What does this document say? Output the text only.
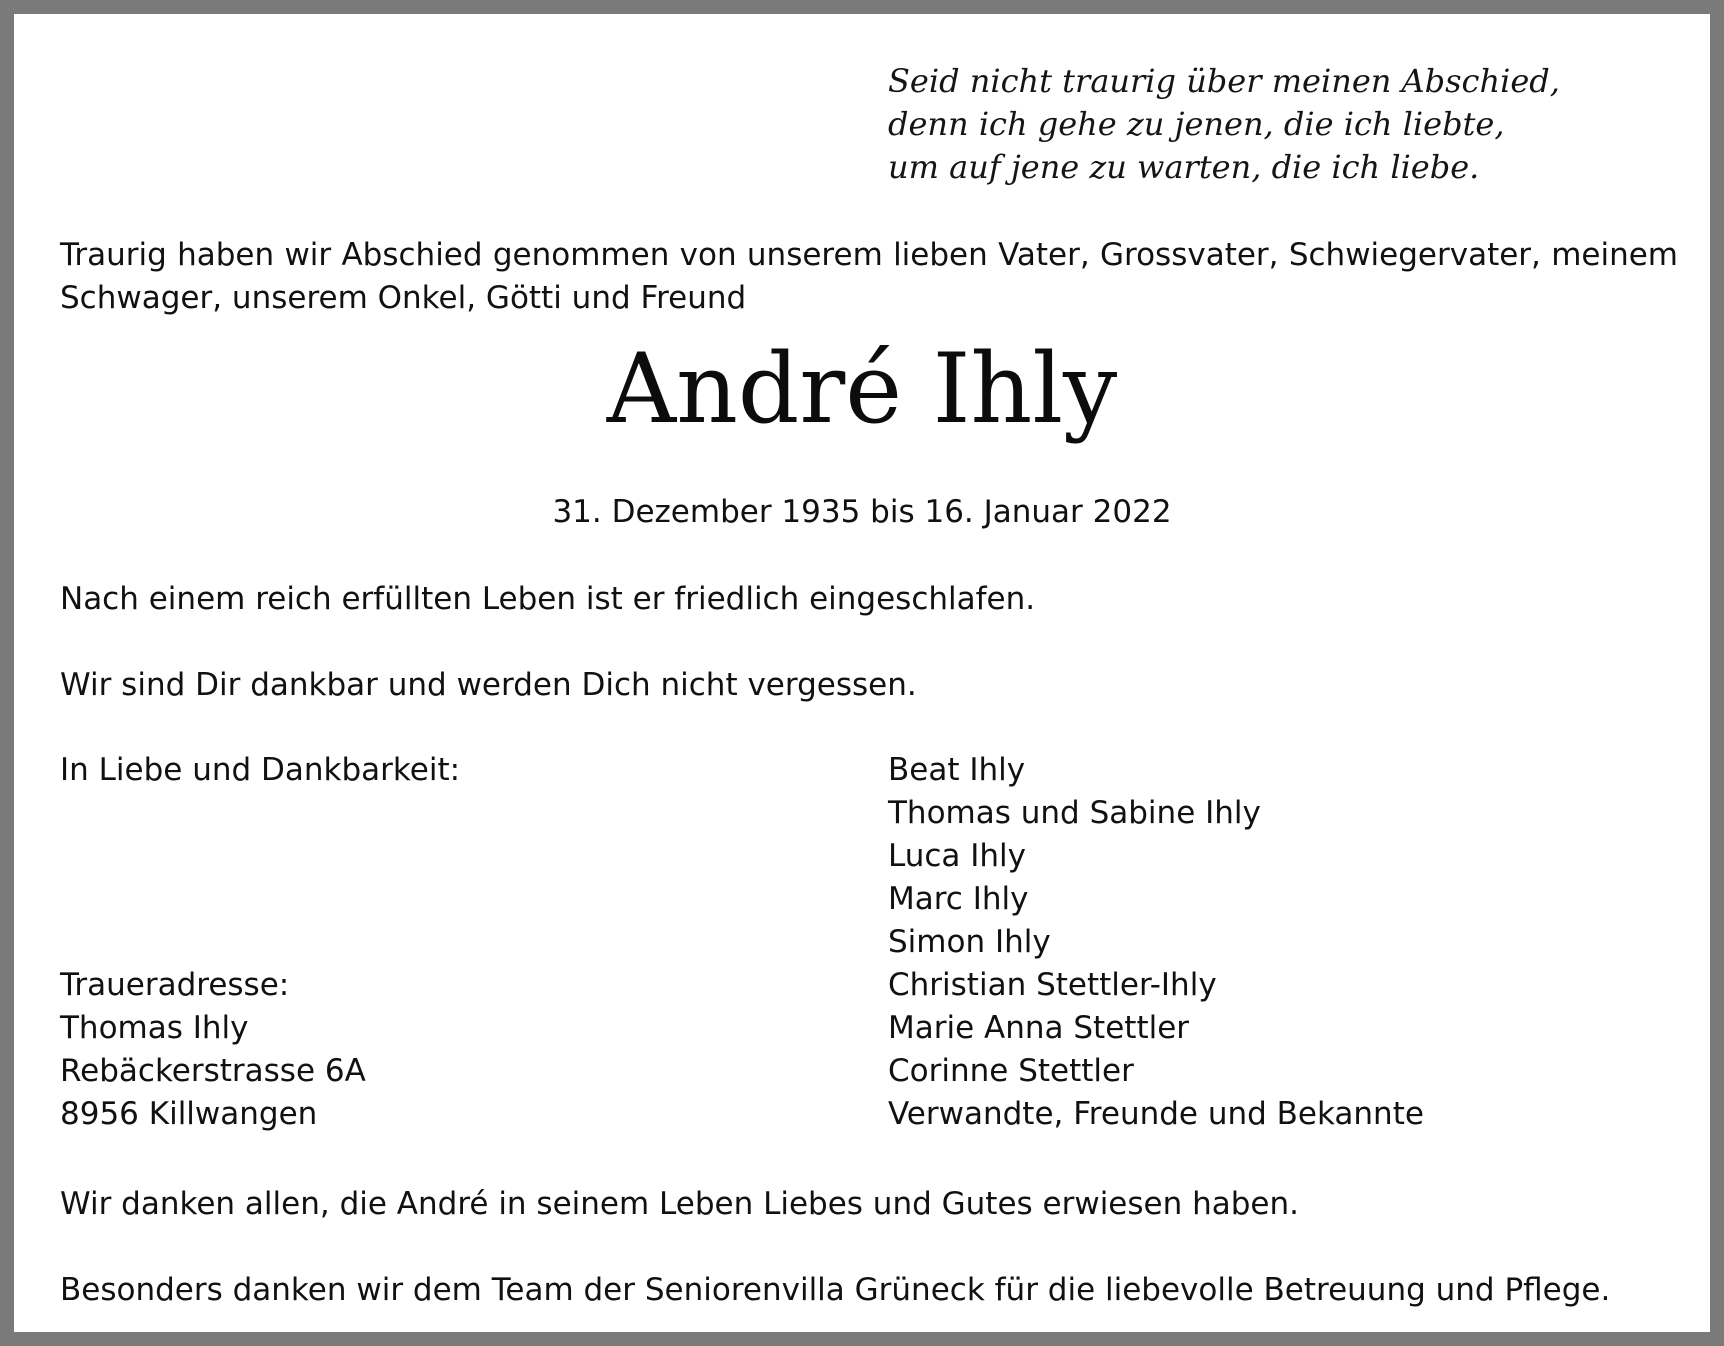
Seid nicht traurig über meinen Abschied,
denn ich gehe zu jenen, die ich liebte,
um auf jene zu warten, die ich liebe.

Traurig haben wir Abschied genommen von unserem lieben Vater, Grossvater, Schwiegervater, meinem Schwager, unserem Onkel, Götti und Freund

André Ihly
31. Dezember 1935 bis 16. Januar 2022

Nach einem reich erfüllten Leben ist er friedlich eingeschlafen.

Wir sind Dir dankbar und werden Dich nicht vergessen.

In Liebe und Dankbarkeit:	Beat Ihly
Thomas und Sabine Ihly
Luca Ihly
Marc Ihly
Simon Ihly
Christian Stettler-Ihly
Marie Anna Stettler
Corinne Stettler
Verwandte, Freunde und Bekannte
Traueradresse:
Thomas Ihly
Rebäckerstrasse 6A
8956 Killwangen

Wir danken allen, die André in seinem Leben Liebes und Gutes erwiesen haben.

Besonders danken wir dem Team der Seniorenvilla Grüneck für die liebevolle Betreuung und Pflege.
